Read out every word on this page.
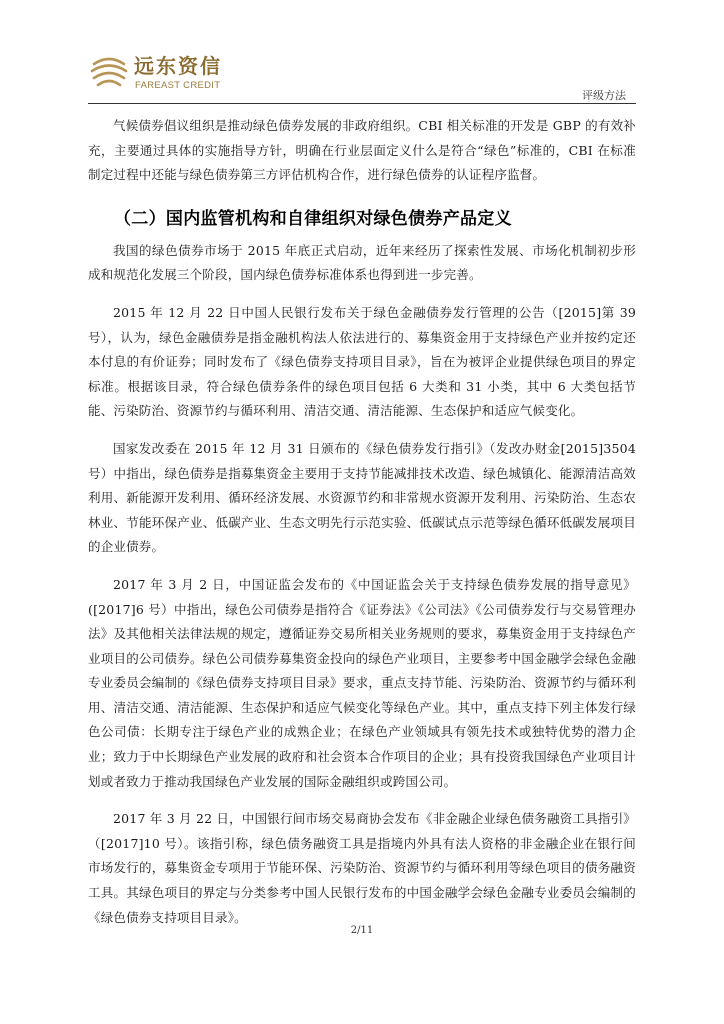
远东资信
FAREAST CREDIT
评级方法

气候债券倡议组织是推动绿色债券发展的非政府组织。CBI 相关标准的开发是 GBP 的有效补充，主要通过具体的实施指导方针，明确在行业层面定义什么是符合“绿色”标准的，CBI 在标准制定过程中还能与绿色债券第三方评估机构合作，进行绿色债券的认证程序监督。

（二）国内监管机构和自律组织对绿色债券产品定义

我国的绿色债券市场于 2015 年底正式启动，近年来经历了探索性发展、市场化机制初步形成和规范化发展三个阶段，国内绿色债券标准体系也得到进一步完善。

2015 年 12 月 22 日中国人民银行发布关于绿色金融债券发行管理的公告（[2015]第 39 号），认为，绿色金融债券是指金融机构法人依法进行的、募集资金用于支持绿色产业并按约定还本付息的有价证券；同时发布了《绿色债券支持项目目录》，旨在为被评企业提供绿色项目的界定标准。根据该目录，符合绿色债券条件的绿色项目包括 6 大类和 31 小类，其中 6 大类包括节能、污染防治、资源节约与循环利用、清洁交通、清洁能源、生态保护和适应气候变化。

国家发改委在 2015 年 12 月 31 日颁布的《绿色债券发行指引》（发改办财金[2015]3504 号）中指出，绿色债券是指募集资金主要用于支持节能减排技术改造、绿色城镇化、能源清洁高效利用、新能源开发利用、循环经济发展、水资源节约和非常规水资源开发利用、污染防治、生态农林业、节能环保产业、低碳产业、生态文明先行示范实验、低碳试点示范等绿色循环低碳发展项目的企业债券。

2017 年 3 月 2 日，中国证监会发布的《中国证监会关于支持绿色债券发展的指导意见》([2017]6 号）中指出，绿色公司债券是指符合《证券法》《公司法》《公司债券发行与交易管理办法》及其他相关法律法规的规定，遵循证券交易所相关业务规则的要求，募集资金用于支持绿色产业项目的公司债券。绿色公司债券募集资金投向的绿色产业项目，主要参考中国金融学会绿色金融专业委员会编制的《绿色债券支持项目目录》要求，重点支持节能、污染防治、资源节约与循环利用、清洁交通、清洁能源、生态保护和适应气候变化等绿色产业。其中，重点支持下列主体发行绿色公司债：长期专注于绿色产业的成熟企业；在绿色产业领域具有领先技术或独特优势的潜力企业；致力于中长期绿色产业发展的政府和社会资本合作项目的企业；具有投资我国绿色产业项目计划或者致力于推动我国绿色产业发展的国际金融组织或跨国公司。

2017 年 3 月 22 日，中国银行间市场交易商协会发布《非金融企业绿色债务融资工具指引》（[2017]10 号）。该指引称，绿色债务融资工具是指境内外具有法人资格的非金融企业在银行间市场发行的，募集资金专项用于节能环保、污染防治、资源节约与循环利用等绿色项目的债务融资工具。其绿色项目的界定与分类参考中国人民银行发布的中国金融学会绿色金融专业委员会编制的《绿色债券支持项目目录》。

2/11
